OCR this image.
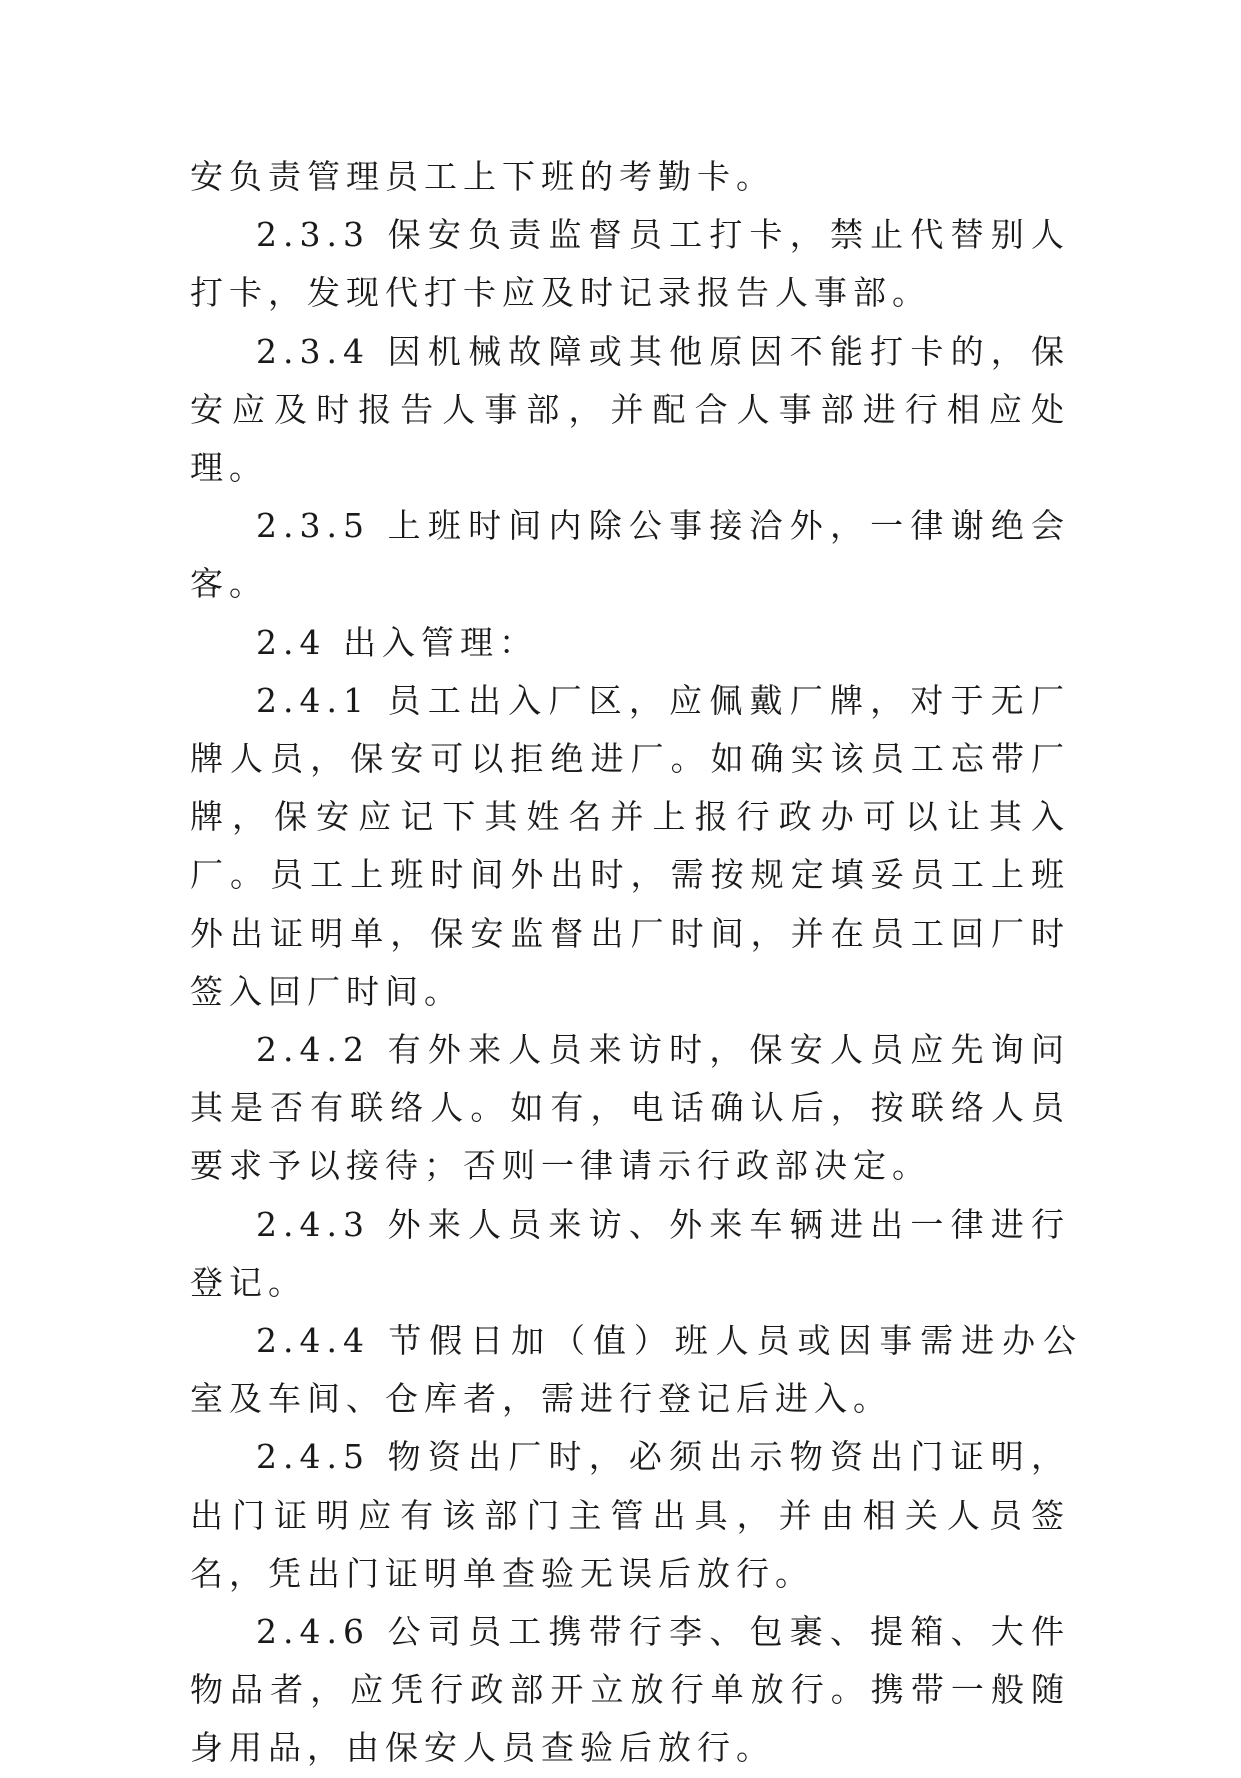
安负责管理员工上下班的考勤卡。

2.3.3 保安负责监督员工打卡，禁止代替别人打卡，发现代打卡应及时记录报告人事部。

2.3.4 因机械故障或其他原因不能打卡的，保安应及时报告人事部，并配合人事部进行相应处理。

2.3.5 上班时间内除公事接洽外，一律谢绝会客。

2.4 出入管理：

2.4.1 员工出入厂区，应佩戴厂牌，对于无厂牌人员，保安可以拒绝进厂。如确实该员工忘带厂牌，保安应记下其姓名并上报行政办可以让其入厂。员工上班时间外出时，需按规定填妥员工上班外出证明单，保安监督出厂时间，并在员工回厂时签入回厂时间。

2.4.2 有外来人员来访时，保安人员应先询问其是否有联络人。如有，电话确认后，按联络人员要求予以接待；否则一律请示行政部决定。

2.4.3 外来人员来访、外来车辆进出一律进行登记。

2.4.4 节假日加（值）班人员或因事需进办公室及车间、仓库者，需进行登记后进入。

2.4.5 物资出厂时，必须出示物资出门证明，出门证明应有该部门主管出具，并由相关人员签名，凭出门证明单查验无误后放行。

2.4.6 公司员工携带行李、包裹、提箱、大件物品者，应凭行政部开立放行单放行。携带一般随身用品，由保安人员查验后放行。
